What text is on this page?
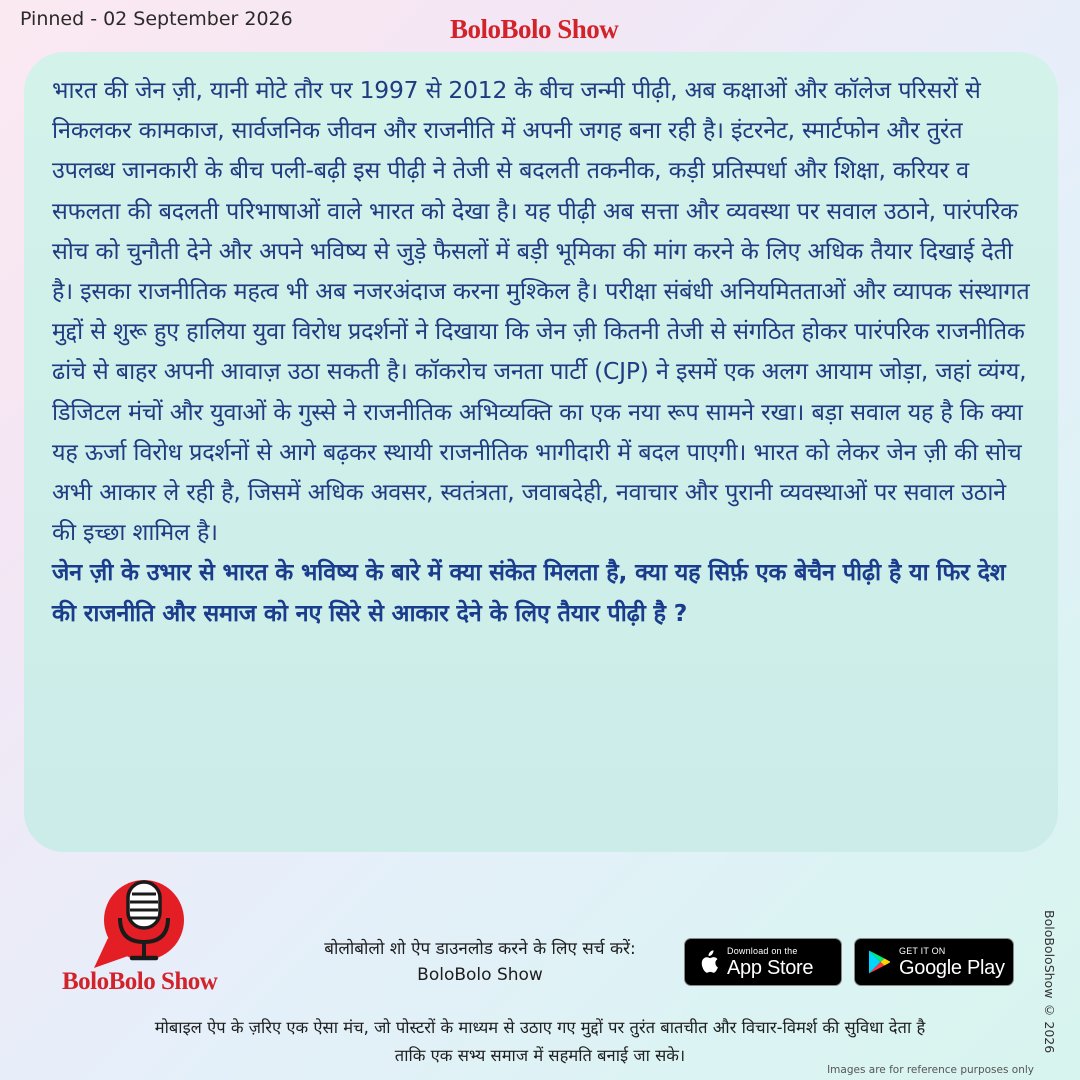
Pinned - 02 September 2026	BoloBolo Show

भारत की जेन ज़ी, यानी मोटे तौर पर 1997 से 2012 के बीच जन्मी पीढ़ी, अब कक्षाओं और कॉलेज परिसरों से निकलकर कामकाज, सार्वजनिक जीवन और राजनीति में अपनी जगह बना रही है। इंटरनेट, स्मार्टफोन और तुरंत उपलब्ध जानकारी के बीच पली-बढ़ी इस पीढ़ी ने तेजी से बदलती तकनीक, कड़ी प्रतिस्पर्धा और शिक्षा, करियर व सफलता की बदलती परिभाषाओं वाले भारत को देखा है। यह पीढ़ी अब सत्ता और व्यवस्था पर सवाल उठाने, पारंपरिक सोच को चुनौती देने और अपने भविष्य से जुड़े फैसलों में बड़ी भूमिका की मांग करने के लिए अधिक तैयार दिखाई देती है। इसका राजनीतिक महत्व भी अब नजरअंदाज करना मुश्किल है। परीक्षा संबंधी अनियमितताओं और व्यापक संस्थागत मुद्दों से शुरू हुए हालिया युवा विरोध प्रदर्शनों ने दिखाया कि जेन ज़ी कितनी तेजी से संगठित होकर पारंपरिक राजनीतिक ढांचे से बाहर अपनी आवाज़ उठा सकती है। कॉकरोच जनता पार्टी (CJP) ने इसमें एक अलग आयाम जोड़ा, जहां व्यंग्य, डिजिटल मंचों और युवाओं के गुस्से ने राजनीतिक अभिव्यक्ति का एक नया रूप सामने रखा। बड़ा सवाल यह है कि क्या यह ऊर्जा विरोध प्रदर्शनों से आगे बढ़कर स्थायी राजनीतिक भागीदारी में बदल पाएगी। भारत को लेकर जेन ज़ी की सोच अभी आकार ले रही है, जिसमें अधिक अवसर, स्वतंत्रता, जवाबदेही, नवाचार और पुरानी व्यवस्थाओं पर सवाल उठाने की इच्छा शामिल है।

जेन ज़ी के उभार से भारत के भविष्य के बारे में क्या संकेत मिलता है, क्या यह सिर्फ़ एक बेचैन पीढ़ी है या फिर देश की राजनीति और समाज को नए सिरे से आकार देने के लिए तैयार पीढ़ी है ?

BoloBolo Show
बोलोबोलो शो ऐप डाउनलोड करने के लिए सर्च करें:
BoloBolo Show
Download on the
App Store
GET IT ON
Google Play	BoloBoloShow © 2026
मोबाइल ऐप के ज़रिए एक ऐसा मंच, जो पोस्टरों के माध्यम से उठाए गए मुद्दों पर तुरंत बातचीत और विचार-विमर्श की सुविधा देता है
ताकि एक सभ्य समाज में सहमति बनाई जा सके।
Images are for reference purposes only
